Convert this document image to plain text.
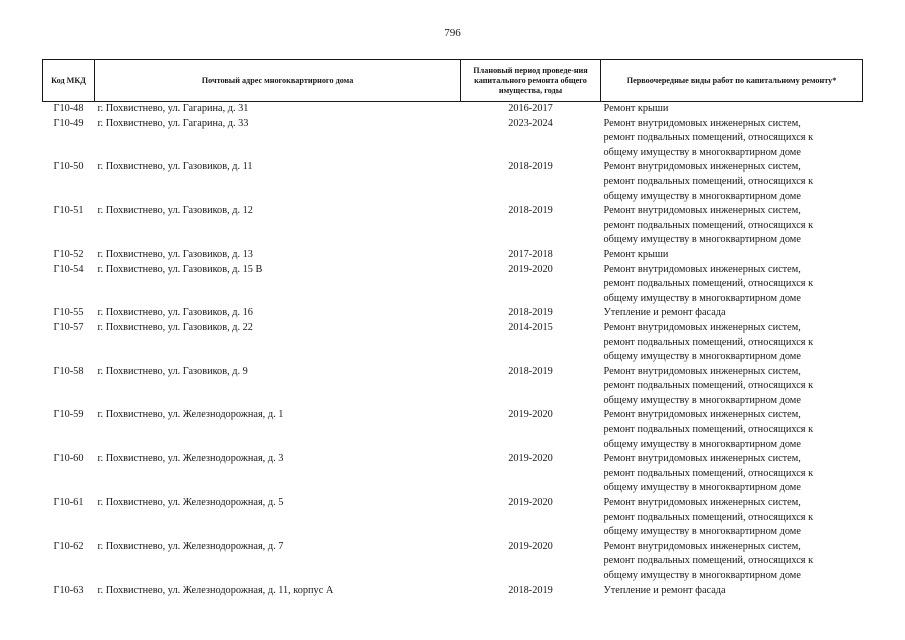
796
Код МКД	Почтовый адрес многоквартирного дома	Плановый период проведе-ния капитального ремонта общего имущества, годы	Первоочередные виды работ по капитальному ремонту*
Г10-48	г. Похвистнево, ул. Гагарина, д. 31	2016-2017	Ремонт крыши

Г10-49	г. Похвистнево, ул. Гагарина, д. 33	2023-2024	Ремонт внутридомовых инженерных систем,
ремонт подвальных помещений, относящихся к
общему имуществу в многоквартирном доме

Г10-50	г. Похвистнево, ул. Газовиков, д. 11	2018-2019	Ремонт внутридомовых инженерных систем,
ремонт подвальных помещений, относящихся к
общему имуществу в многоквартирном доме

Г10-51	г. Похвистнево, ул. Газовиков, д. 12	2018-2019	Ремонт внутридомовых инженерных систем,
ремонт подвальных помещений, относящихся к
общему имуществу в многоквартирном доме

Г10-52	г. Похвистнево, ул. Газовиков, д. 13	2017-2018	Ремонт крыши

Г10-54	г. Похвистнево, ул. Газовиков, д. 15 В	2019-2020	Ремонт внутридомовых инженерных систем,
ремонт подвальных помещений, относящихся к
общему имуществу в многоквартирном доме

Г10-55	г. Похвистнево, ул. Газовиков, д. 16	2018-2019	Утепление и ремонт фасада

Г10-57	г. Похвистнево, ул. Газовиков, д. 22	2014-2015	Ремонт внутридомовых инженерных систем,
ремонт подвальных помещений, относящихся к
общему имуществу в многоквартирном доме

Г10-58	г. Похвистнево, ул. Газовиков, д. 9	2018-2019	Ремонт внутридомовых инженерных систем,
ремонт подвальных помещений, относящихся к
общему имуществу в многоквартирном доме

Г10-59	г. Похвистнево, ул. Железнодорожная, д. 1	2019-2020	Ремонт внутридомовых инженерных систем,
ремонт подвальных помещений, относящихся к
общему имуществу в многоквартирном доме

Г10-60	г. Похвистнево, ул. Железнодорожная, д. 3	2019-2020	Ремонт внутридомовых инженерных систем,
ремонт подвальных помещений, относящихся к
общему имуществу в многоквартирном доме

Г10-61	г. Похвистнево, ул. Железнодорожная, д. 5	2019-2020	Ремонт внутридомовых инженерных систем,
ремонт подвальных помещений, относящихся к
общему имуществу в многоквартирном доме

Г10-62	г. Похвистнево, ул. Железнодорожная, д. 7	2019-2020	Ремонт внутридомовых инженерных систем,
ремонт подвальных помещений, относящихся к
общему имуществу в многоквартирном доме

Г10-63	г. Похвистнево, ул. Железнодорожная, д. 11, корпус А	2018-2019	Утепление и ремонт фасада
